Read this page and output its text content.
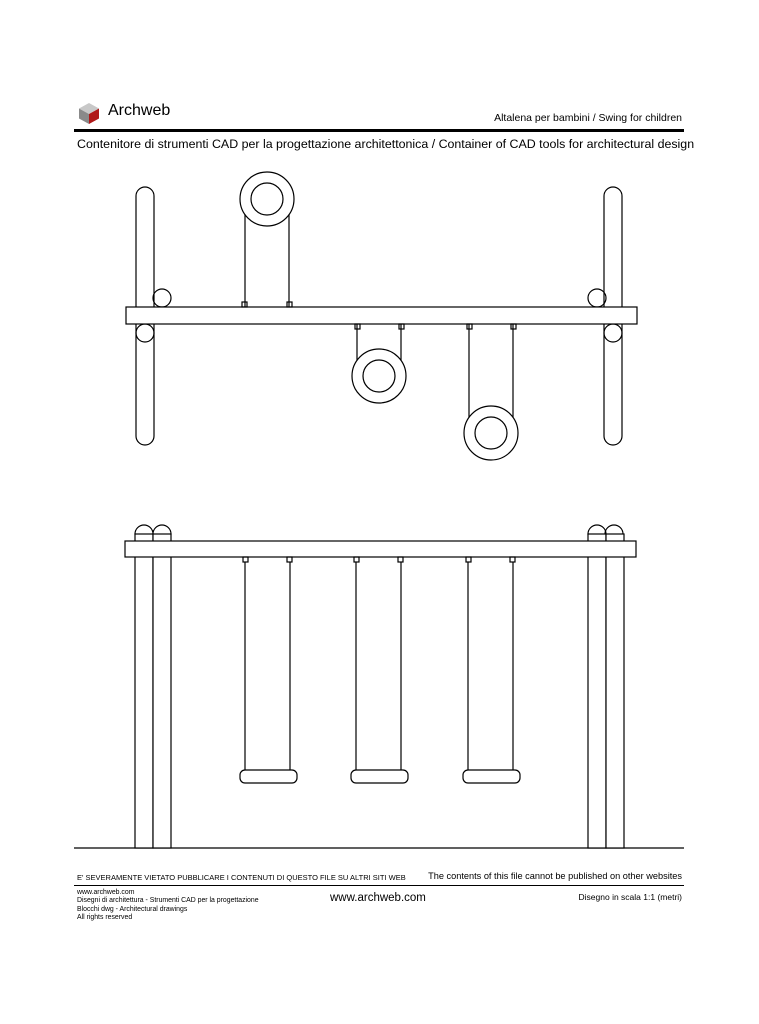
Archweb	Altalena per bambini / Swing for children
Contenitore di strumenti CAD per la progettazione architettonica / Container of CAD tools for architectural design
E' SEVERAMENTE VIETATO PUBBLICARE I CONTENUTI DI QUESTO FILE SU ALTRI SITI WEB The contents of this file cannot be published on other websites
www.archweb.com
Disegni di architettura - Strumenti CAD per la progettazione
Blocchi dwg - Architectural drawings
All rights reserved
www.archweb.com	Disegno in scala 1:1 (metri)
